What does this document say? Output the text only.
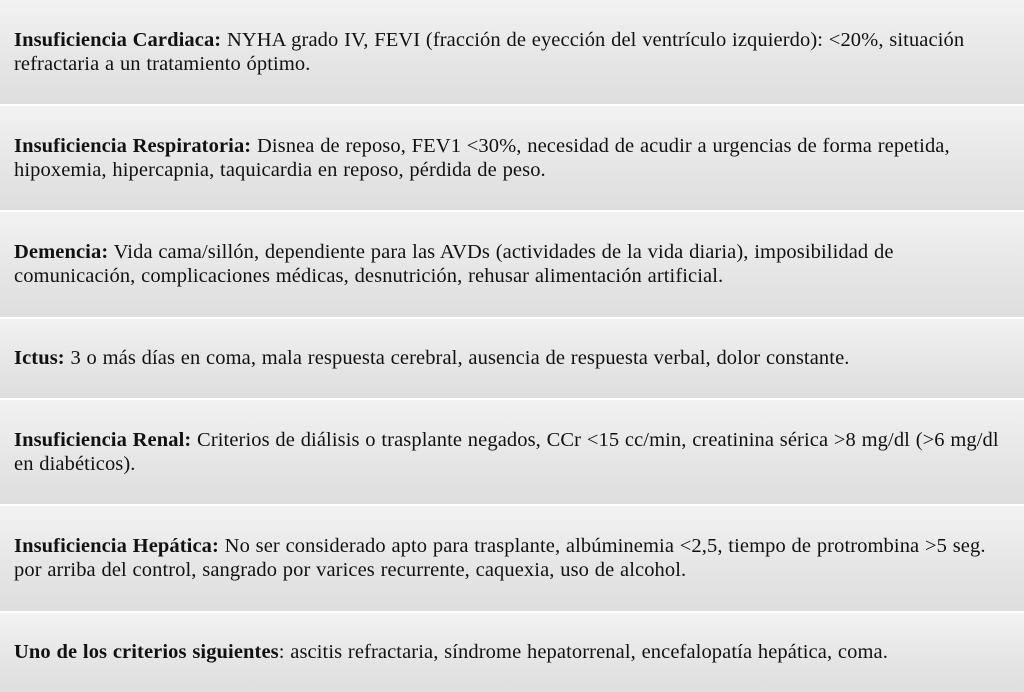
Insuficiencia Cardiaca: NYHA grado IV, FEVI (fracción de eyección del ventrículo izquierdo): <20%, situación refractaria a un tratamiento óptimo.

Insuficiencia Respiratoria: Disnea de reposo, FEV1 <30%, necesidad de acudir a urgencias de forma repetida, hipoxemia, hipercapnia, taquicardia en reposo, pérdida de peso.

Demencia: Vida cama/sillón, dependiente para las AVDs (actividades de la vida diaria), imposibilidad de comunicación, complicaciones médicas, desnutrición, rehusar alimentación artificial.

Ictus: 3 o más días en coma, mala respuesta cerebral, ausencia de respuesta verbal, dolor constante.

Insuficiencia Renal: Criterios de diálisis o trasplante negados, CCr <15 cc/min, creatinina sérica >8 mg/dl (>6 mg/dl en diabéticos).

Insuficiencia Hepática: No ser considerado apto para trasplante, albúminemia <2,5, tiempo de protrombina >5 seg. por arriba del control, sangrado por varices recurrente, caquexia, uso de alcohol.

Uno de los criterios siguientes: ascitis refractaria, síndrome hepatorrenal, encefalopatía hepática, coma.
